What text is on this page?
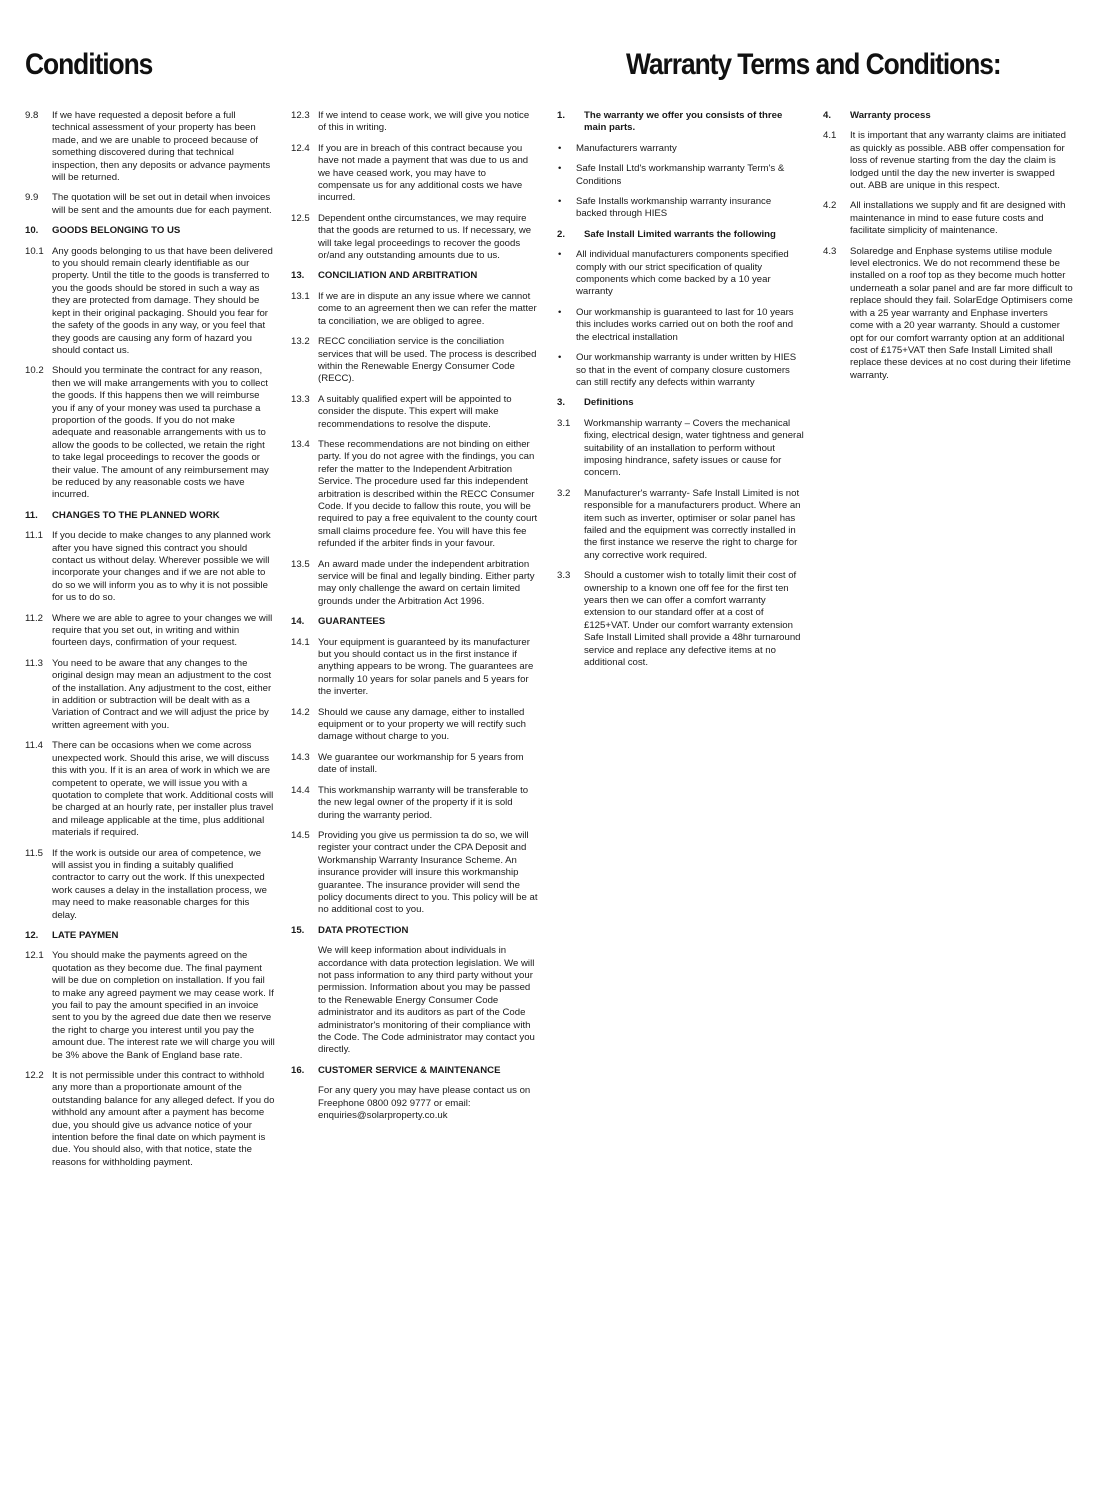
Conditions	Warranty Terms and Conditions:
9.8	If we have requested a deposit before a full technical assessment of your property has been made, and we are unable to proceed because of something discovered during that technical inspection, then any deposits or advance payments will be returned.
9.9	The quotation will be set out in detail when invoices will be sent and the amounts due for each payment.
10.	GOODS BELONGING TO US
10.1 Any goods belonging to us that have been delivered to you should remain clearly identifiable as our property. Until the title to the goods is transferred to you the goods should be stored in such a way as they are protected from damage. They should be kept in their original packaging. Should you fear for the safety of the goods in any way, or you feel that they goods are causing any form of hazard you should contact us.
10.2 Should you terminate the contract for any reason, then we will make arrangements with you to collect the goods. If this happens then we will reimburse you if any of your money was used ta purchase a proportion of the goods. If you do not make adequate and reasonable arrangements with us to allow the goods to be collected, we retain the right to take legal proceedings to recover the goods or their value. The amount of any reimbursement may be reduced by any reasonable costs we have incurred.
11.	CHANGES TO THE PLANNED WORK
11.1 If you decide to make changes to any planned work after you have signed this contract you should contact us without delay. Wherever possible we will incorporate your changes and if we are not able to do so we will inform you as to why it is not possible for us to do so.
11.2 Where we are able to agree to your changes we will require that you set out, in writing and within fourteen days, confirmation of your request.
11.3 You need to be aware that any changes to the original design may mean an adjustment to the cost of the installation. Any adjustment to the cost, either in addition or subtraction will be dealt with as a Variation of Contract and we will adjust the price by written agreement with you.
11.4 There can be occasions when we come across unexpected work. Should this arise, we will discuss this with you. If it is an area of work in which we are competent to operate, we will issue you with a quotation to complete that work. Additional costs will be charged at an hourly rate, per installer plus travel and mileage applicable at the time, plus additional materials if required.
11.5 If the work is outside our area of competence, we will assist you in finding a suitably qualified contractor to carry out the work. If this unexpected work causes a delay in the installation process, we may need to make reasonable charges for this delay.
12.	LATE PAYMEN
12.1 You should make the payments agreed on the quotation as they become due. The final payment will be due on completion on installation. If you fail to make any agreed payment we may cease work. If you fail to pay the amount specified in an invoice sent to you by the agreed due date then we reserve the right to charge you interest until you pay the amount due. The interest rate we will charge you will be 3% above the Bank of England base rate.
12.2 It is not permissible under this contract to withhold any more than a proportionate amount of the outstanding balance for any alleged defect. If you do withhold any amount after a payment has become due, you should give us advance notice of your intention before the final date on which payment is due. You should also, with that notice, state the reasons for withholding payment.
12.3 If we intend to cease work, we will give you notice of this in writing.
12.4 If you are in breach of this contract because you have not made a payment that was due to us and we have ceased work, you may have to compensate us for any additional costs we have incurred.
12.5 Dependent onthe circumstances, we may require that the goods are returned to us. If necessary, we will take legal proceedings to recover the goods or/and any outstanding amounts due to us.
13.	CONCILIATION AND ARBITRATION
13.1 If we are in dispute an any issue where we cannot come to an agreement then we can refer the matter ta conciliation, we are obliged to agree.
13.2 RECC conciliation service is the conciliation services that will be used. The process is described within the Renewable Energy Consumer Code (RECC).
13.3 A suitably qualified expert will be appointed to consider the dispute. This expert will make recommendations to resolve the dispute.
13.4 These recommendations are not binding on either party. If you do not agree with the findings, you can refer the matter to the Independent Arbitration Service. The procedure used far this independent arbitration is described within the RECC Consumer Code. If you decide to fallow this route, you will be required to pay a free equivalent to the county court small claims procedure fee. You will have this fee refunded if the arbiter finds in your favour.
13.5 An award made under the independent arbitration service will be final and legally binding. Either party may only challenge the award on certain limited grounds under the Arbitration Act 1996.
14.	GUARANTEES
14.1 Your equipment is guaranteed by its manufacturer but you should contact us in the first instance if anything appears to be wrong. The guarantees are normally 10 years for solar panels and 5 years for the inverter.
14.2 Should we cause any damage, either to installed equipment or to your property we will rectify such damage without charge to you.
14.3 We guarantee our workmanship for 5 years from date of install.
14.4 This workmanship warranty will be transferable to the new legal owner of the property if it is sold during the warranty period.
14.5 Providing you give us permission ta do so, we will register your contract under the CPA Deposit and Workmanship Warranty Insurance Scheme. An insurance provider will insure this workmanship guarantee. The insurance provider will send the policy documents direct to you. This policy will be at no additional cost to you.
15.	DATA PROTECTION
We will keep information about individuals in accordance with data protection legislation. We will not pass information to any third party without your permission. Information about you may be passed to the Renewable Energy Consumer Code administrator and its auditors as part of the Code administrator's monitoring of their compliance with the Code. The Code administrator may contact you directly.
16.	CUSTOMER SERVICE & MAINTENANCE
For any query you may have please contact us on Freephone 0800 092 9777 or email: enquiries@solarproperty.co.uk
1.	The warranty we offer you consists of three main parts.
•	Manufacturers warranty
•	Safe Install Ltd's workmanship warranty Term's & Conditions
•	Safe Installs workmanship warranty insurance backed through HIES
2.	Safe Install Limited warrants the following
•	All individual manufacturers components specified comply with our strict specification of quality components which come backed by a 10 year warranty
•	Our workmanship is guaranteed to last for 10 years this includes works carried out on both the roof and the electrical installation
•	Our workmanship warranty is under written by HIES so that in the event of company closure customers can still rectify any defects within warranty
3.	Definitions
3.1	Workmanship warranty – Covers the mechanical fixing, electrical design, water tightness and general suitability of an installation to perform without imposing hindrance, safety issues or cause for concern.
3.2	Manufacturer's warranty- Safe Install Limited is not responsible for a manufacturers product. Where an item such as inverter, optimiser or solar panel has failed and the equipment was correctly installed in the first instance we reserve the right to charge for any corrective work required.
3.3	Should a customer wish to totally limit their cost of ownership to a known one off fee for the first ten years then we can offer a comfort warranty extension to our standard offer at a cost of £125+VAT. Under our comfort warranty extension Safe Install Limited shall provide a 48hr turnaround service and replace any defective items at no additional cost.
4.	Warranty process
4.1	It is important that any warranty claims are initiated as quickly as possible. ABB offer compensation for loss of revenue starting from the day the claim is lodged until the day the new inverter is swapped out. ABB are unique in this respect.
4.2	All installations we supply and fit are designed with maintenance in mind to ease future costs and facilitate simplicity of maintenance.
4.3	Solaredge and Enphase systems utilise module level electronics. We do not recommend these be installed on a roof top as they become much hotter underneath a solar panel and are far more difficult to replace should they fail. SolarEdge Optimisers come with a 25 year warranty and Enphase inverters come with a 20 year warranty. Should a customer opt for our comfort warranty option at an additional cost of £175+VAT then Safe Install Limited shall replace these devices at no cost during their lifetime warranty.
